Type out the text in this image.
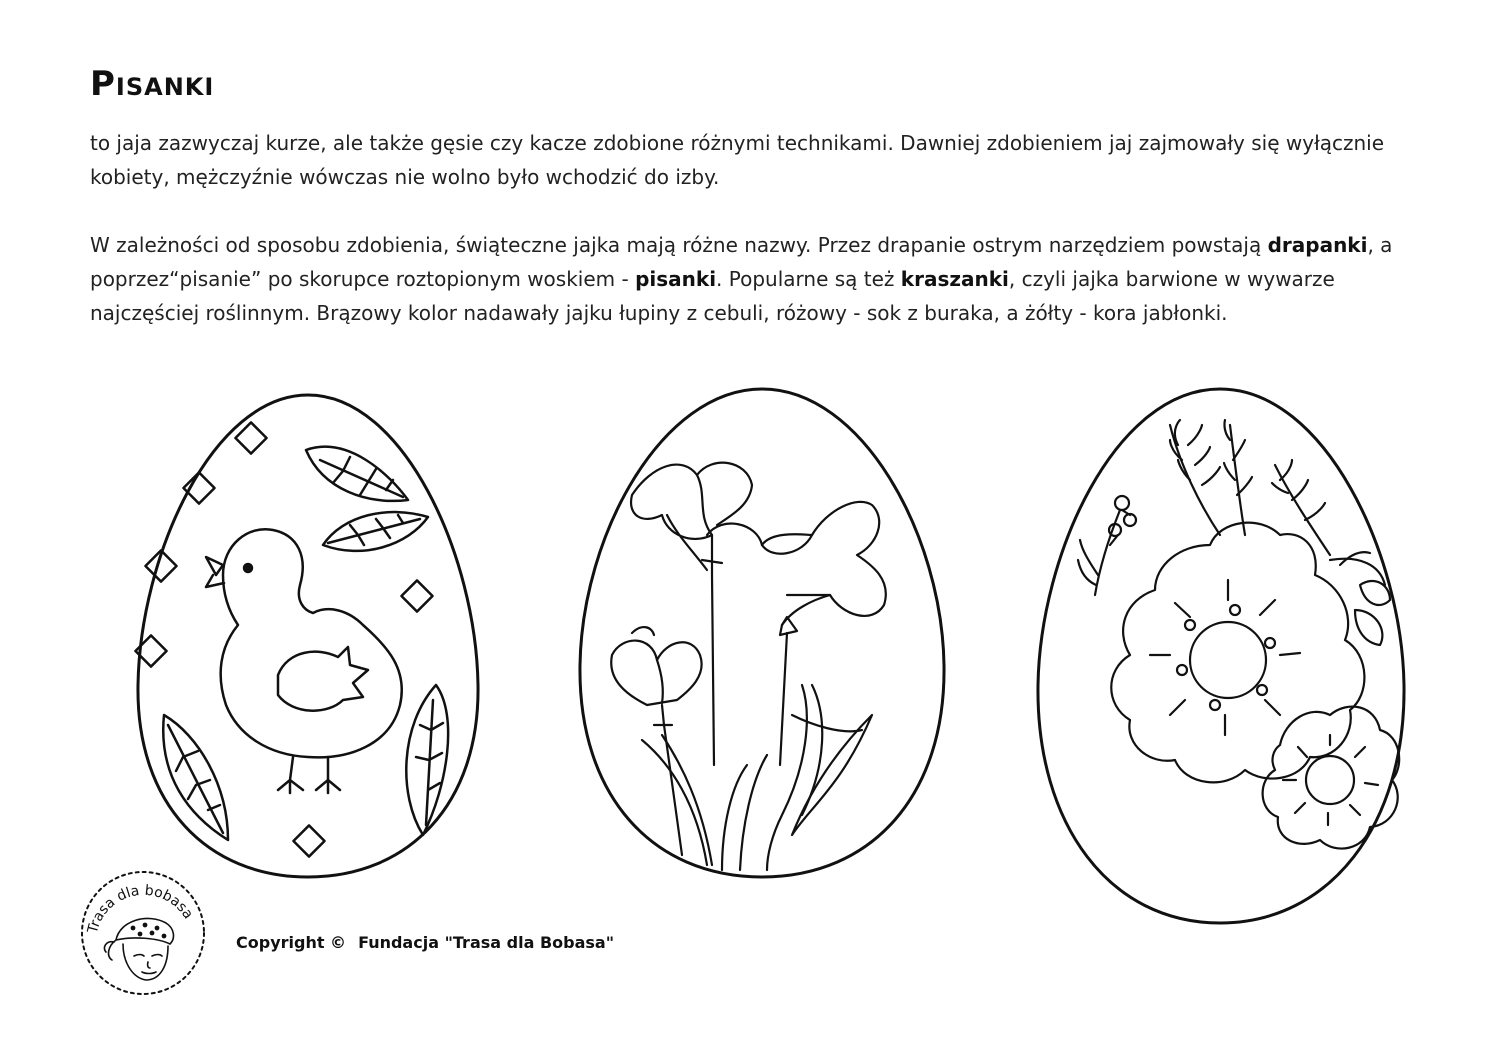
Pisanki

to jaja zazwyczaj kurze, ale także gęsie czy kacze zdobione różnymi technikami. Dawniej zdobieniem jaj zajmowały się wyłącznie kobiety, mężczyźnie wówczas nie wolno było wchodzić do izby.

W zależności od sposobu zdobienia, świąteczne jajka mają różne nazwy. Przez drapanie ostrym narzędziem powstają drapanki, a poprzez“pisanie” po skorupce roztopionym woskiem - pisanki. Popularne są też kraszanki, czyli jajka barwione w wywarze najczęściej roślinnym. Brązowy kolor nadawały jajku łupiny z cebuli, różowy - sok z buraka, a żółty - kora jabłonki.

Trasa dla bobasa
Copyright © Fundacja "Trasa dla Bobasa"
